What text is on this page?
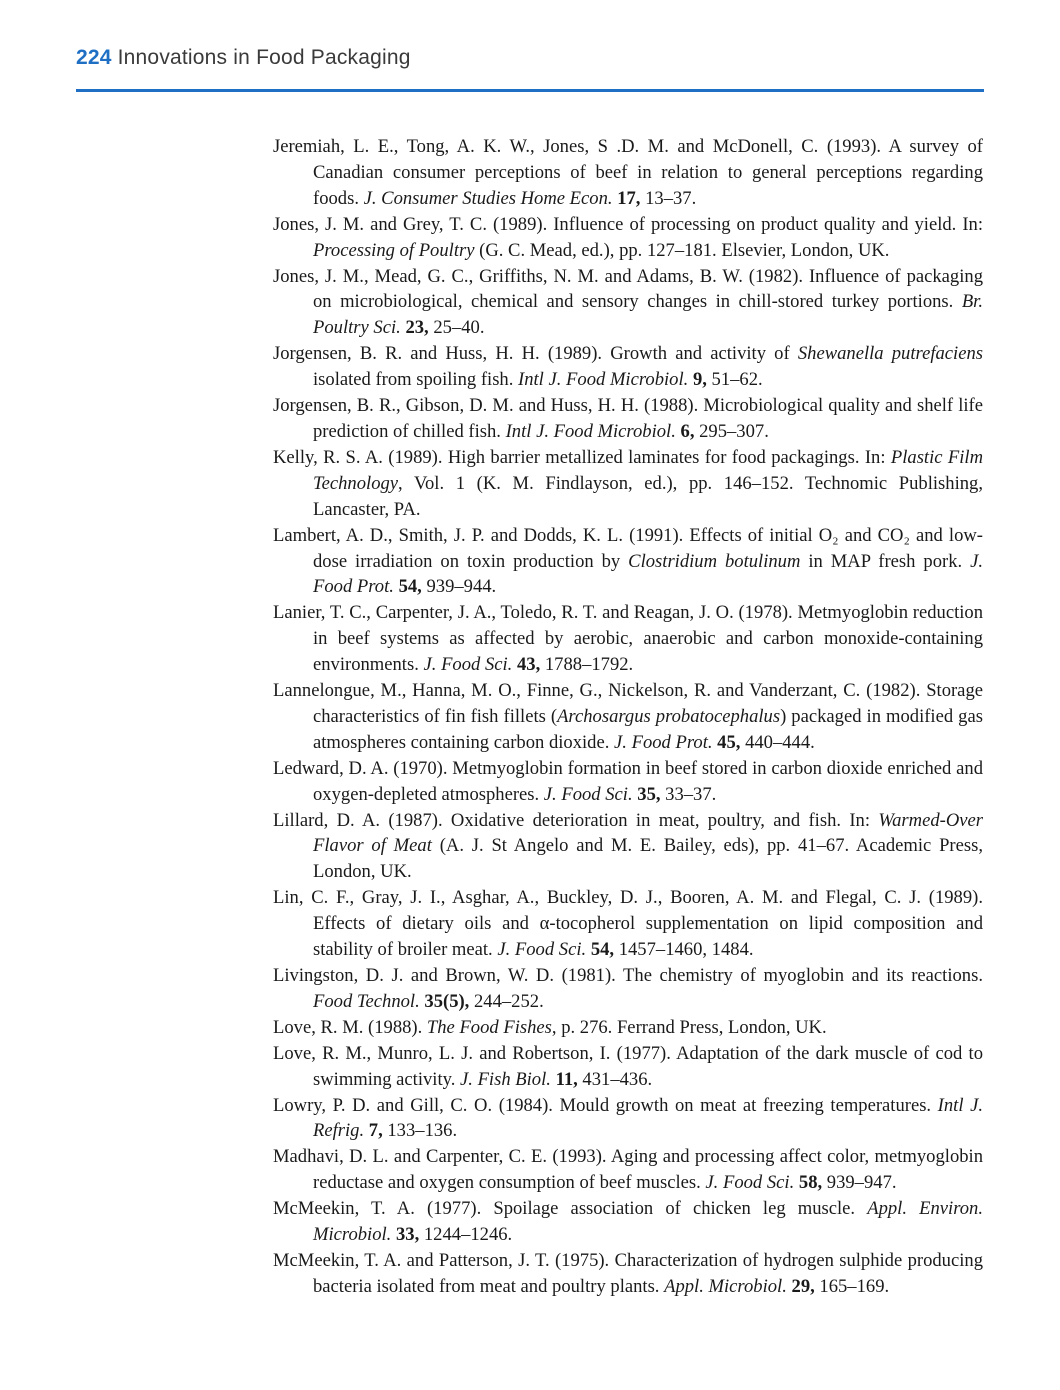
224 Innovations in Food Packaging

Jeremiah, L. E., Tong, A. K. W., Jones, S .D. M. and McDonell, C. (1993). A survey of Canadian consumer perceptions of beef in relation to general perceptions regarding foods. J. Consumer Studies Home Econ. 17, 13–37.

Jones, J. M. and Grey, T. C. (1989). Influence of processing on product quality and yield. In: Processing of Poultry (G. C. Mead, ed.), pp. 127–181. Elsevier, London, UK.

Jones, J. M., Mead, G. C., Griffiths, N. M. and Adams, B. W. (1982). Influence of packaging on microbiological, chemical and sensory changes in chill-stored turkey portions. Br. Poultry Sci. 23, 25–40.

Jorgensen, B. R. and Huss, H. H. (1989). Growth and activity of Shewanella putrefaciens isolated from spoiling fish. Intl J. Food Microbiol. 9, 51–62.

Jorgensen, B. R., Gibson, D. M. and Huss, H. H. (1988). Microbiological quality and shelf life prediction of chilled fish. Intl J. Food Microbiol. 6, 295–307.

Kelly, R. S. A. (1989). High barrier metallized laminates for food packagings. In: Plastic Film Technology, Vol. 1 (K. M. Findlayson, ed.), pp. 146–152. Technomic Publishing, Lancaster, PA.

Lambert, A. D., Smith, J. P. and Dodds, K. L. (1991). Effects of initial O₂ and CO₂ and low-dose irradiation on toxin production by Clostridium botulinum in MAP fresh pork. J. Food Prot. 54, 939–944.

Lanier, T. C., Carpenter, J. A., Toledo, R. T. and Reagan, J. O. (1978). Metmyoglobin reduction in beef systems as affected by aerobic, anaerobic and carbon monoxide-containing environments. J. Food Sci. 43, 1788–1792.

Lannelongue, M., Hanna, M. O., Finne, G., Nickelson, R. and Vanderzant, C. (1982). Storage characteristics of fin fish fillets (Archosargus probatocephalus) packaged in modified gas atmospheres containing carbon dioxide. J. Food Prot. 45, 440–444.

Ledward, D. A. (1970). Metmyoglobin formation in beef stored in carbon dioxide enriched and oxygen-depleted atmospheres. J. Food Sci. 35, 33–37.

Lillard, D. A. (1987). Oxidative deterioration in meat, poultry, and fish. In: Warmed-Over Flavor of Meat (A. J. St Angelo and M. E. Bailey, eds), pp. 41–67. Academic Press, London, UK.

Lin, C. F., Gray, J. I., Asghar, A., Buckley, D. J., Booren, A. M. and Flegal, C. J. (1989). Effects of dietary oils and α-tocopherol supplementation on lipid composition and stability of broiler meat. J. Food Sci. 54, 1457–1460, 1484.

Livingston, D. J. and Brown, W. D. (1981). The chemistry of myoglobin and its reactions. Food Technol. 35(5), 244–252.

Love, R. M. (1988). The Food Fishes, p. 276. Ferrand Press, London, UK.

Love, R. M., Munro, L. J. and Robertson, I. (1977). Adaptation of the dark muscle of cod to swimming activity. J. Fish Biol. 11, 431–436.

Lowry, P. D. and Gill, C. O. (1984). Mould growth on meat at freezing temperatures. Intl J. Refrig. 7, 133–136.

Madhavi, D. L. and Carpenter, C. E. (1993). Aging and processing affect color, metmyoglobin reductase and oxygen consumption of beef muscles. J. Food Sci. 58, 939–947.

McMeekin, T. A. (1977). Spoilage association of chicken leg muscle. Appl. Environ. Microbiol. 33, 1244–1246.

McMeekin, T. A. and Patterson, J. T. (1975). Characterization of hydrogen sulphide producing bacteria isolated from meat and poultry plants. Appl. Microbiol. 29, 165–169.
